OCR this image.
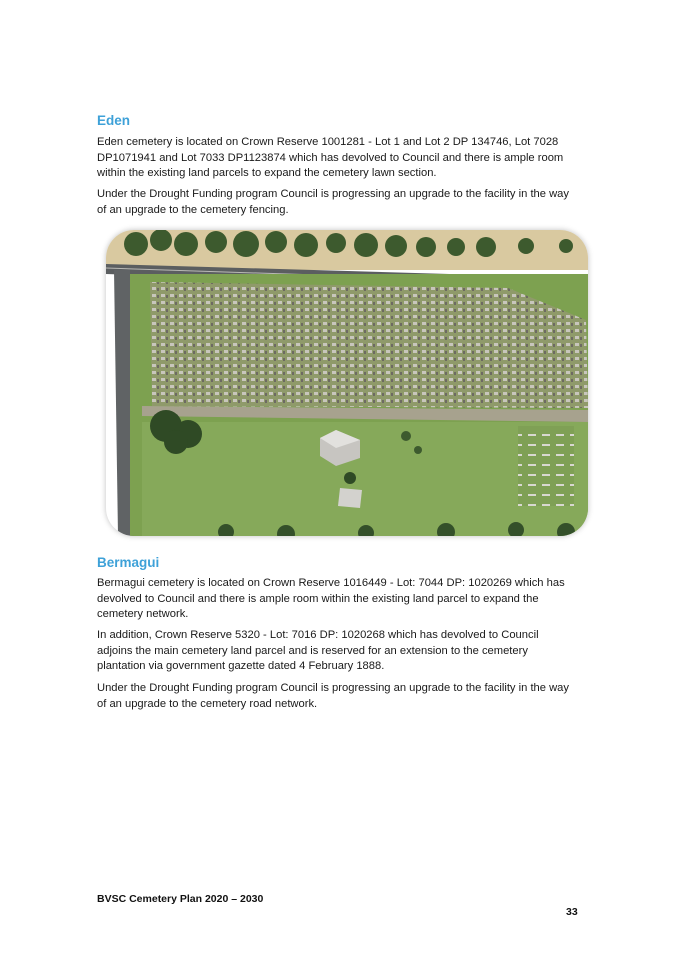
Eden

Eden cemetery is located on Crown Reserve 1001281 - Lot 1 and Lot 2 DP 134746, Lot 7028 DP1071941 and Lot 7033 DP1123874 which has devolved to Council and there is ample room within the existing land parcels to expand the cemetery lawn section.

Under the Drought Funding program Council is progressing an upgrade to the facility in the way of an upgrade to the cemetery fencing.

Bermagui

Bermagui cemetery is located on Crown Reserve 1016449 - Lot: 7044 DP: 1020269 which has devolved to Council and there is ample room within the existing land parcel to expand the cemetery network.

In addition, Crown Reserve 5320 - Lot: 7016 DP: 1020268 which has devolved to Council adjoins the main cemetery land parcel and is reserved for an extension to the cemetery plantation via government gazette dated 4 February 1888.

Under the Drought Funding program Council is progressing an upgrade to the facility in the way of an upgrade to the cemetery road network.

BVSC Cemetery Plan 2020 – 2030
33
